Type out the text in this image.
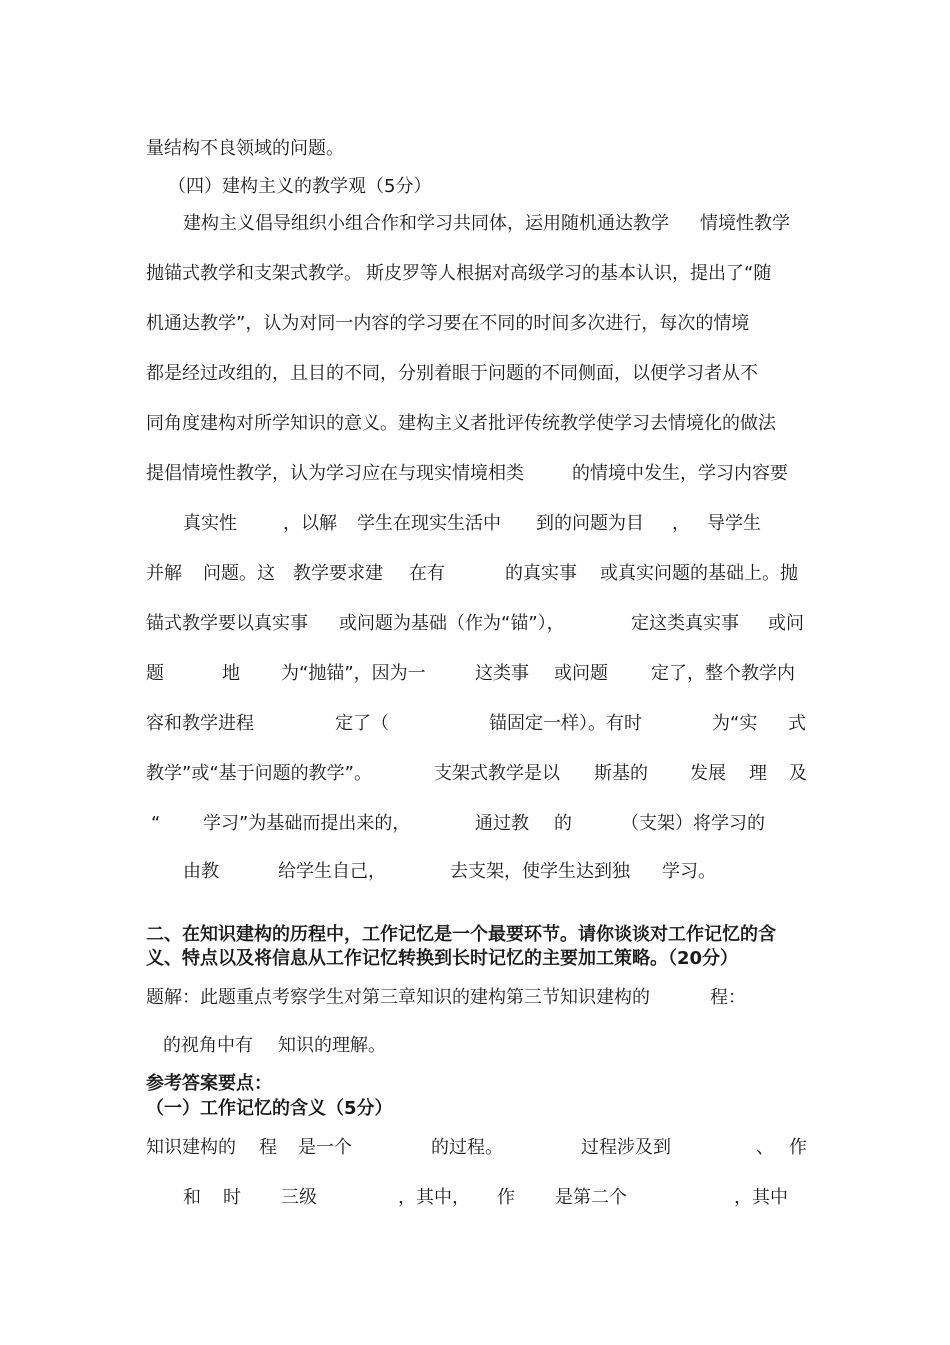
量结构不良领域的问题。
（四）建构主义的教学观（5分）
建构主义倡导组织小组合作和学习共同体，运用随机通达教学 情境性教学
抛锚式教学和支架式教学。 斯皮罗等人根据对高级学习的基本认识，提出了“随
机通达教学”，认为对同一内容的学习要在不同的时间多次进行，每次的情境
都是经过改组的，且目的不同，分别着眼于问题的不同侧面，以便学习者从不
同角度建构对所学知识的意义。建构主义者批评传统教学使学习去情境化的做法
提倡情境性教学，认为学习应在与现实情境相类	的情境中发生，学习内容要
真实性	，以解 学生在现实生活中 到的问题为目 ， 导学生
并解 问题。这 教学要求建 在有	的真实事 或真实问题的基础上。抛
锚式教学要以真实事 或问题为基础（作为“锚”），	定这类真实事 或问
题	地 为“抛锚”，因为一	这类事 或问题 定了，整个教学内
容和教学进程	定了（	锚固定一样）。有时	为“实 式
教学”或“基于问题的教学”。	支架式教学是以 斯基的 发展 理 及
“ 学习”为基础而提出来的，	通过教 的	（支架）将学习的
由教	给学生自己，	去支架，使学生达到独 学习。
二、在知识建构的历程中，工作记忆是一个最要环节。请你谈谈对工作记忆的含
义、特点以及将信息从工作记忆转换到长时记忆的主要加工策略。（20分）
题解：此题重点考察学生对第三章知识的建构第三节知识建构的	程：
的视角中有 知识的理解。
参考答案要点：
（一）工作记忆的含义（5分）
知识建构的 程 是一个	的过程。	过程涉及到	、 作
和 时 三级	，其中， 作 是第二个	，其中
